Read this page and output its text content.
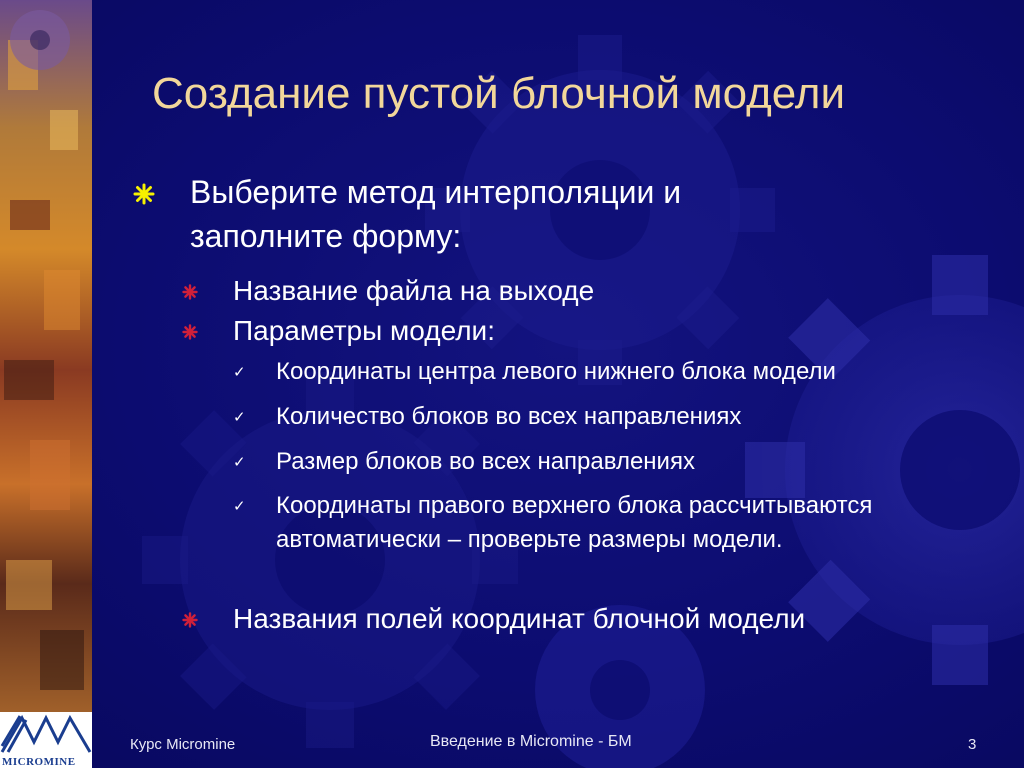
MICROMINE
Создание пустой блочной модели
Выберите метод интерполяции и заполните форму:
Название файла на выходе
Параметры модели:
✓ Координаты центра левого нижнего блока модели
✓ Количество блоков во всех направлениях
✓ Размер блоков во всех направлениях
✓ Координаты правого верхнего блока рассчитываются автоматически – проверьте размеры модели.
Названия полей координат блочной модели
Курс Micromine	Введение в Micromine - БМ	3
